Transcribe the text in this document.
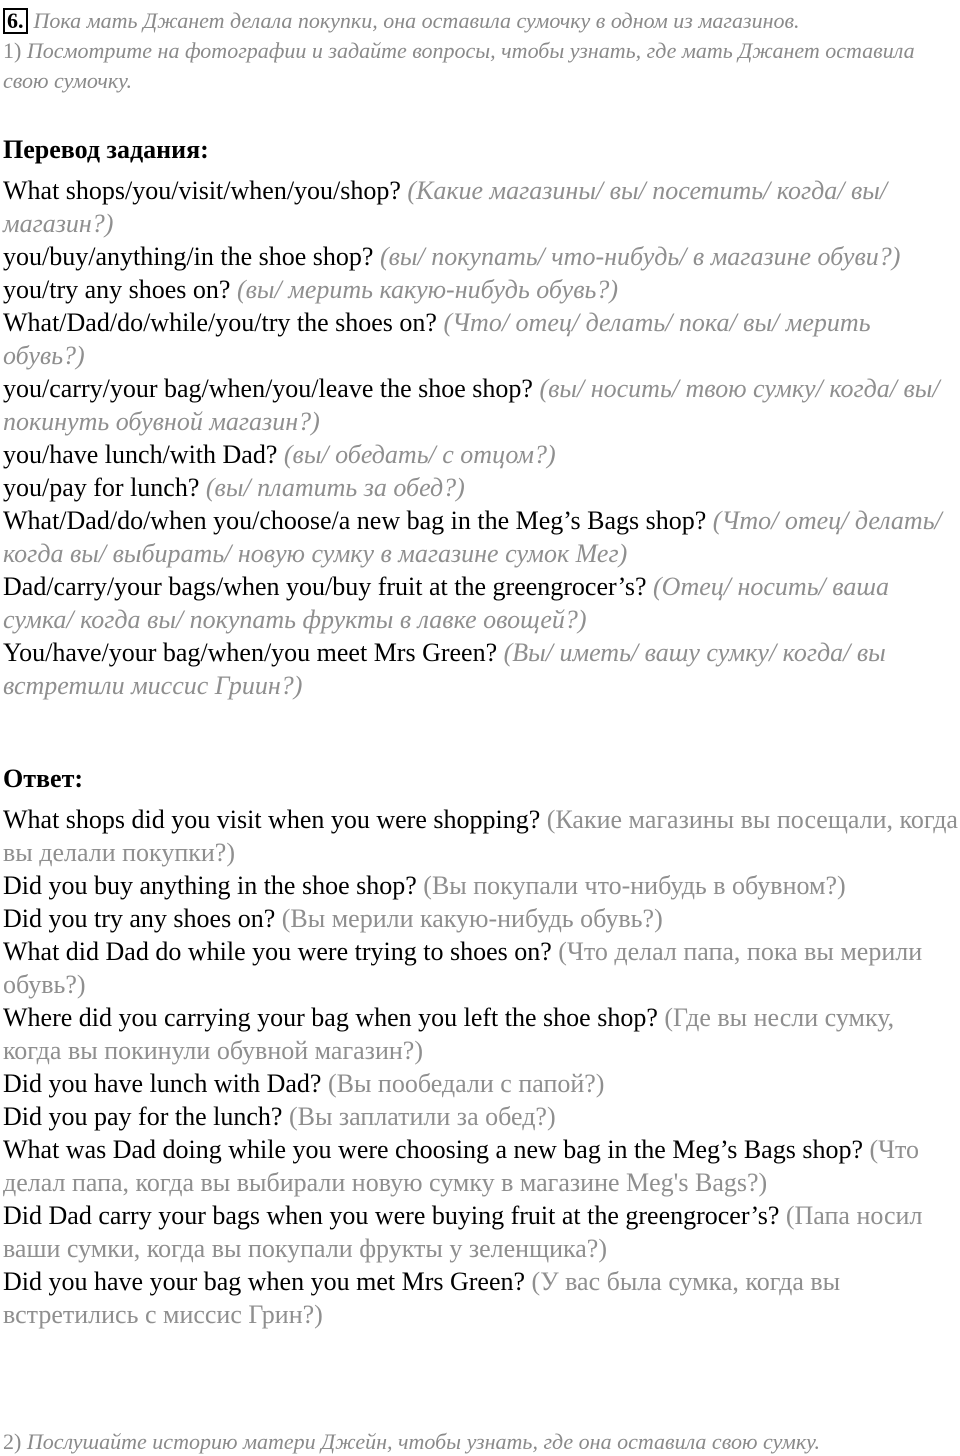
6. Пока мать Джанет делала покупки, она оставила сумочку в одном из магазинов.
1) Посмотрите на фотографии и задайте вопросы, чтобы узнать, где мать Джанет оставила свою сумочку.
Перевод задания:

What shops/you/visit/when/you/shop? (Какие магазины/ вы/ посетить/ когда/ вы/ магазин?)

you/buy/anything/in the shoe shop? (вы/ покупать/ что-нибудь/ в магазине обуви?)

you/try any shoes on? (вы/ мерить какую-нибудь обувь?)

What/Dad/do/while/you/try the shoes on? (Что/ отец/ делать/ пока/ вы/ мерить обувь?)

you/carry/your bag/when/you/leave the shoe shop? (вы/ носить/ твою сумку/ когда/ вы/ покинуть обувной магазин?)

you/have lunch/with Dad? (вы/ обедать/ с отцом?)

you/pay for lunch? (вы/ платить за обед?)

What/Dad/do/when you/choose/a new bag in the Meg’s Bags shop? (Что/ отец/ делать/ когда вы/ выбирать/ новую сумку в магазине сумок Мег)

Dad/carry/your bags/when you/buy fruit at the greengrocer’s? (Отец/ носить/ ваша сумка/ когда вы/ покупать фрукты в лавке овощей?)

You/have/your bag/when/you meet Mrs Green? (Вы/ иметь/ вашу сумку/ когда/ вы встретили миссис Гриин?)

Ответ:

What shops did you visit when you were shopping? (Какие магазины вы посещали, когда вы делали покупки?)

Did you buy anything in the shoe shop? (Вы покупали что-нибудь в обувном?)

Did you try any shoes on? (Вы мерили какую-нибудь обувь?)

What did Dad do while you were trying to shoes on? (Что делал папа, пока вы мерили обувь?)

Where did you carrying your bag when you left the shoe shop? (Где вы несли сумку, когда вы покинули обувной магазин?)

Did you have lunch with Dad? (Вы пообедали с папой?)

Did you pay for the lunch? (Вы заплатили за обед?)

What was Dad doing while you were choosing a new bag in the Meg’s Bags shop? (Что делал папа, когда вы выбирали новую сумку в магазине Meg's Bags?)

Did Dad carry your bags when you were buying fruit at the greengrocer’s? (Папа носил ваши сумки, когда вы покупали фрукты у зеленщика?)

Did you have your bag when you met Mrs Green? (У вас была сумка, когда вы встретились с миссис Грин?)

2) Послушайте историю матери Джейн, чтобы узнать, где она оставила свою сумку.
